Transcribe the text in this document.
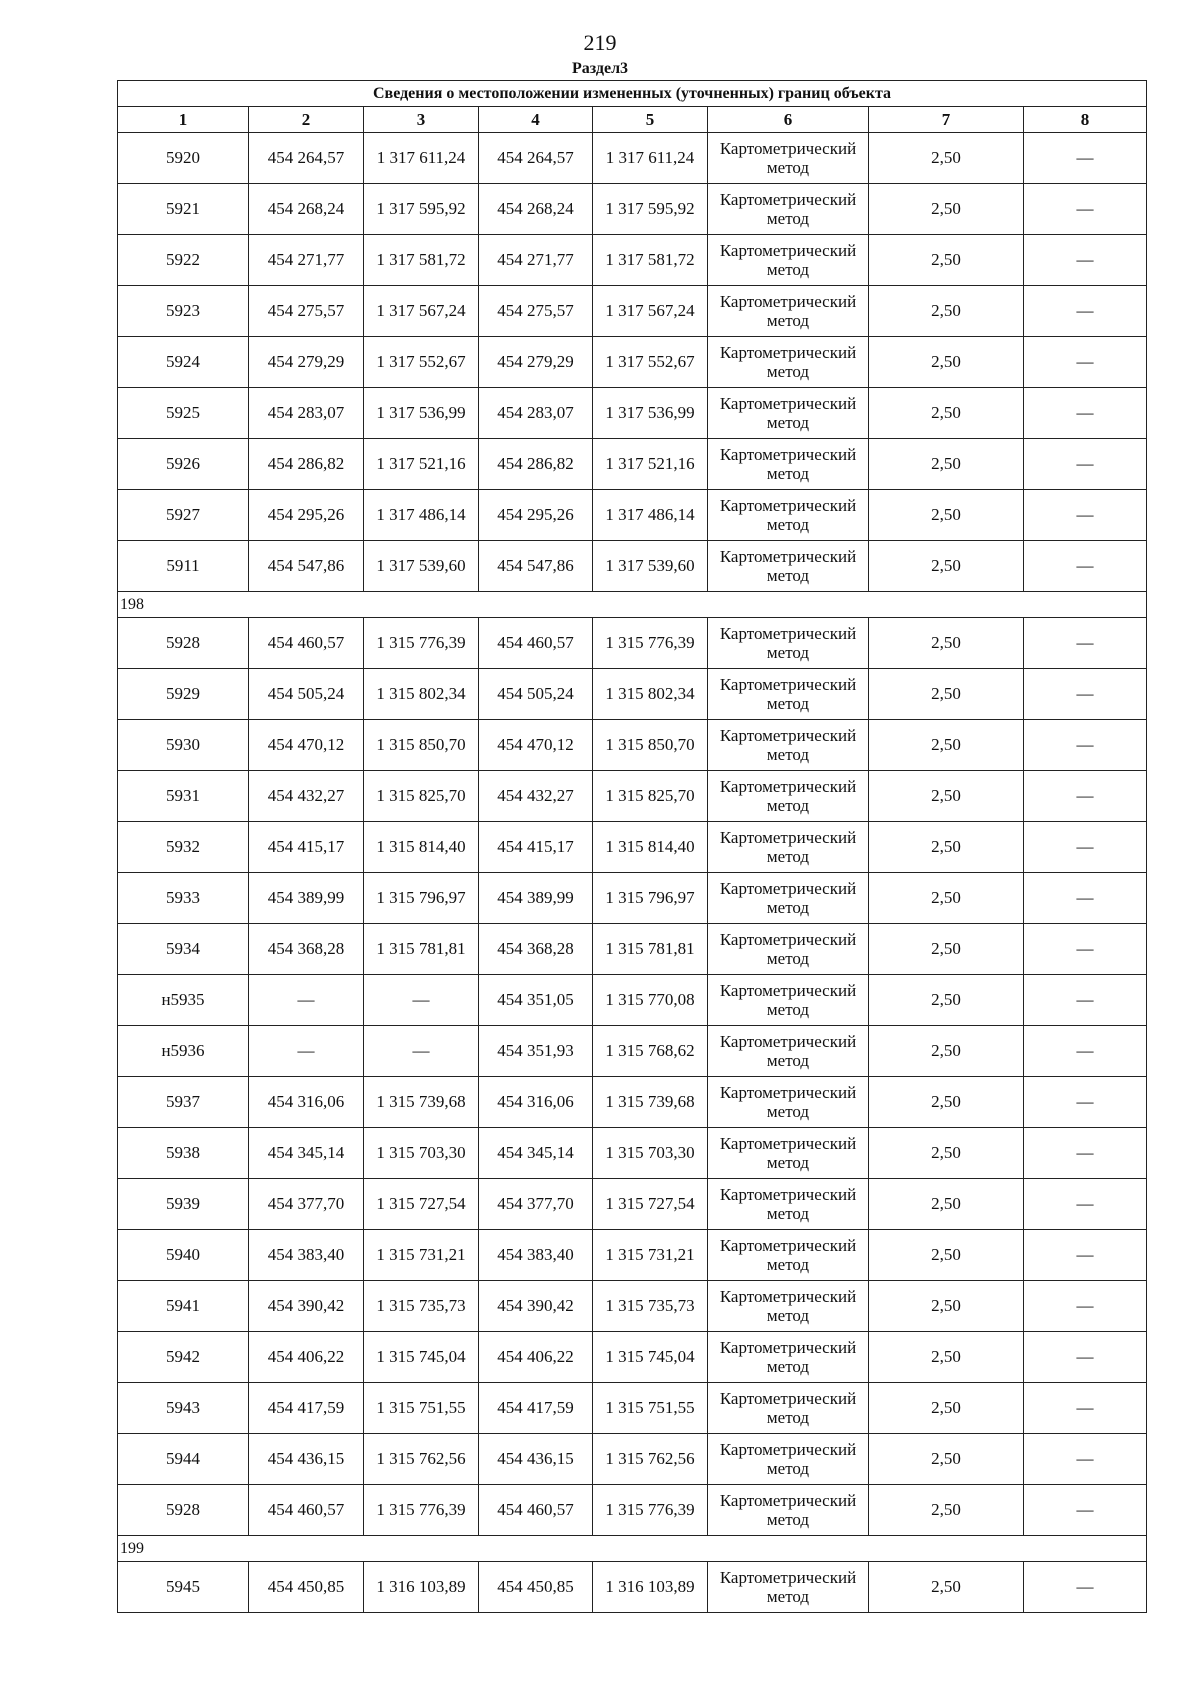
219
Раздел3
Сведения о местоположении измененных (уточненных) границ объекта							
1	2	3	4	5	6	7	8
5920	454 264,57	1 317 611,24	454 264,57	1 317 611,24	Картометрический метод	2,50	—
5921	454 268,24	1 317 595,92	454 268,24	1 317 595,92	Картометрический метод	2,50	—
5922	454 271,77	1 317 581,72	454 271,77	1 317 581,72	Картометрический метод	2,50	—
5923	454 275,57	1 317 567,24	454 275,57	1 317 567,24	Картометрический метод	2,50	—
5924	454 279,29	1 317 552,67	454 279,29	1 317 552,67	Картометрический метод	2,50	—
5925	454 283,07	1 317 536,99	454 283,07	1 317 536,99	Картометрический метод	2,50	—
5926	454 286,82	1 317 521,16	454 286,82	1 317 521,16	Картометрический метод	2,50	—
5927	454 295,26	1 317 486,14	454 295,26	1 317 486,14	Картометрический метод	2,50	—
5911	454 547,86	1 317 539,60	454 547,86	1 317 539,60	Картометрический метод	2,50	—
198							
5928	454 460,57	1 315 776,39	454 460,57	1 315 776,39	Картометрический метод	2,50	—
5929	454 505,24	1 315 802,34	454 505,24	1 315 802,34	Картометрический метод	2,50	—
5930	454 470,12	1 315 850,70	454 470,12	1 315 850,70	Картометрический метод	2,50	—
5931	454 432,27	1 315 825,70	454 432,27	1 315 825,70	Картометрический метод	2,50	—
5932	454 415,17	1 315 814,40	454 415,17	1 315 814,40	Картометрический метод	2,50	—
5933	454 389,99	1 315 796,97	454 389,99	1 315 796,97	Картометрический метод	2,50	—
5934	454 368,28	1 315 781,81	454 368,28	1 315 781,81	Картометрический метод	2,50	—
н5935	—	—	454 351,05	1 315 770,08	Картометрический метод	2,50	—
н5936	—	—	454 351,93	1 315 768,62	Картометрический метод	2,50	—
5937	454 316,06	1 315 739,68	454 316,06	1 315 739,68	Картометрический метод	2,50	—
5938	454 345,14	1 315 703,30	454 345,14	1 315 703,30	Картометрический метод	2,50	—
5939	454 377,70	1 315 727,54	454 377,70	1 315 727,54	Картометрический метод	2,50	—
5940	454 383,40	1 315 731,21	454 383,40	1 315 731,21	Картометрический метод	2,50	—
5941	454 390,42	1 315 735,73	454 390,42	1 315 735,73	Картометрический метод	2,50	—
5942	454 406,22	1 315 745,04	454 406,22	1 315 745,04	Картометрический метод	2,50	—
5943	454 417,59	1 315 751,55	454 417,59	1 315 751,55	Картометрический метод	2,50	—
5944	454 436,15	1 315 762,56	454 436,15	1 315 762,56	Картометрический метод	2,50	—
5928	454 460,57	1 315 776,39	454 460,57	1 315 776,39	Картометрический метод	2,50	—
199							
5945	454 450,85	1 316 103,89	454 450,85	1 316 103,89	Картометрический метод	2,50	—
